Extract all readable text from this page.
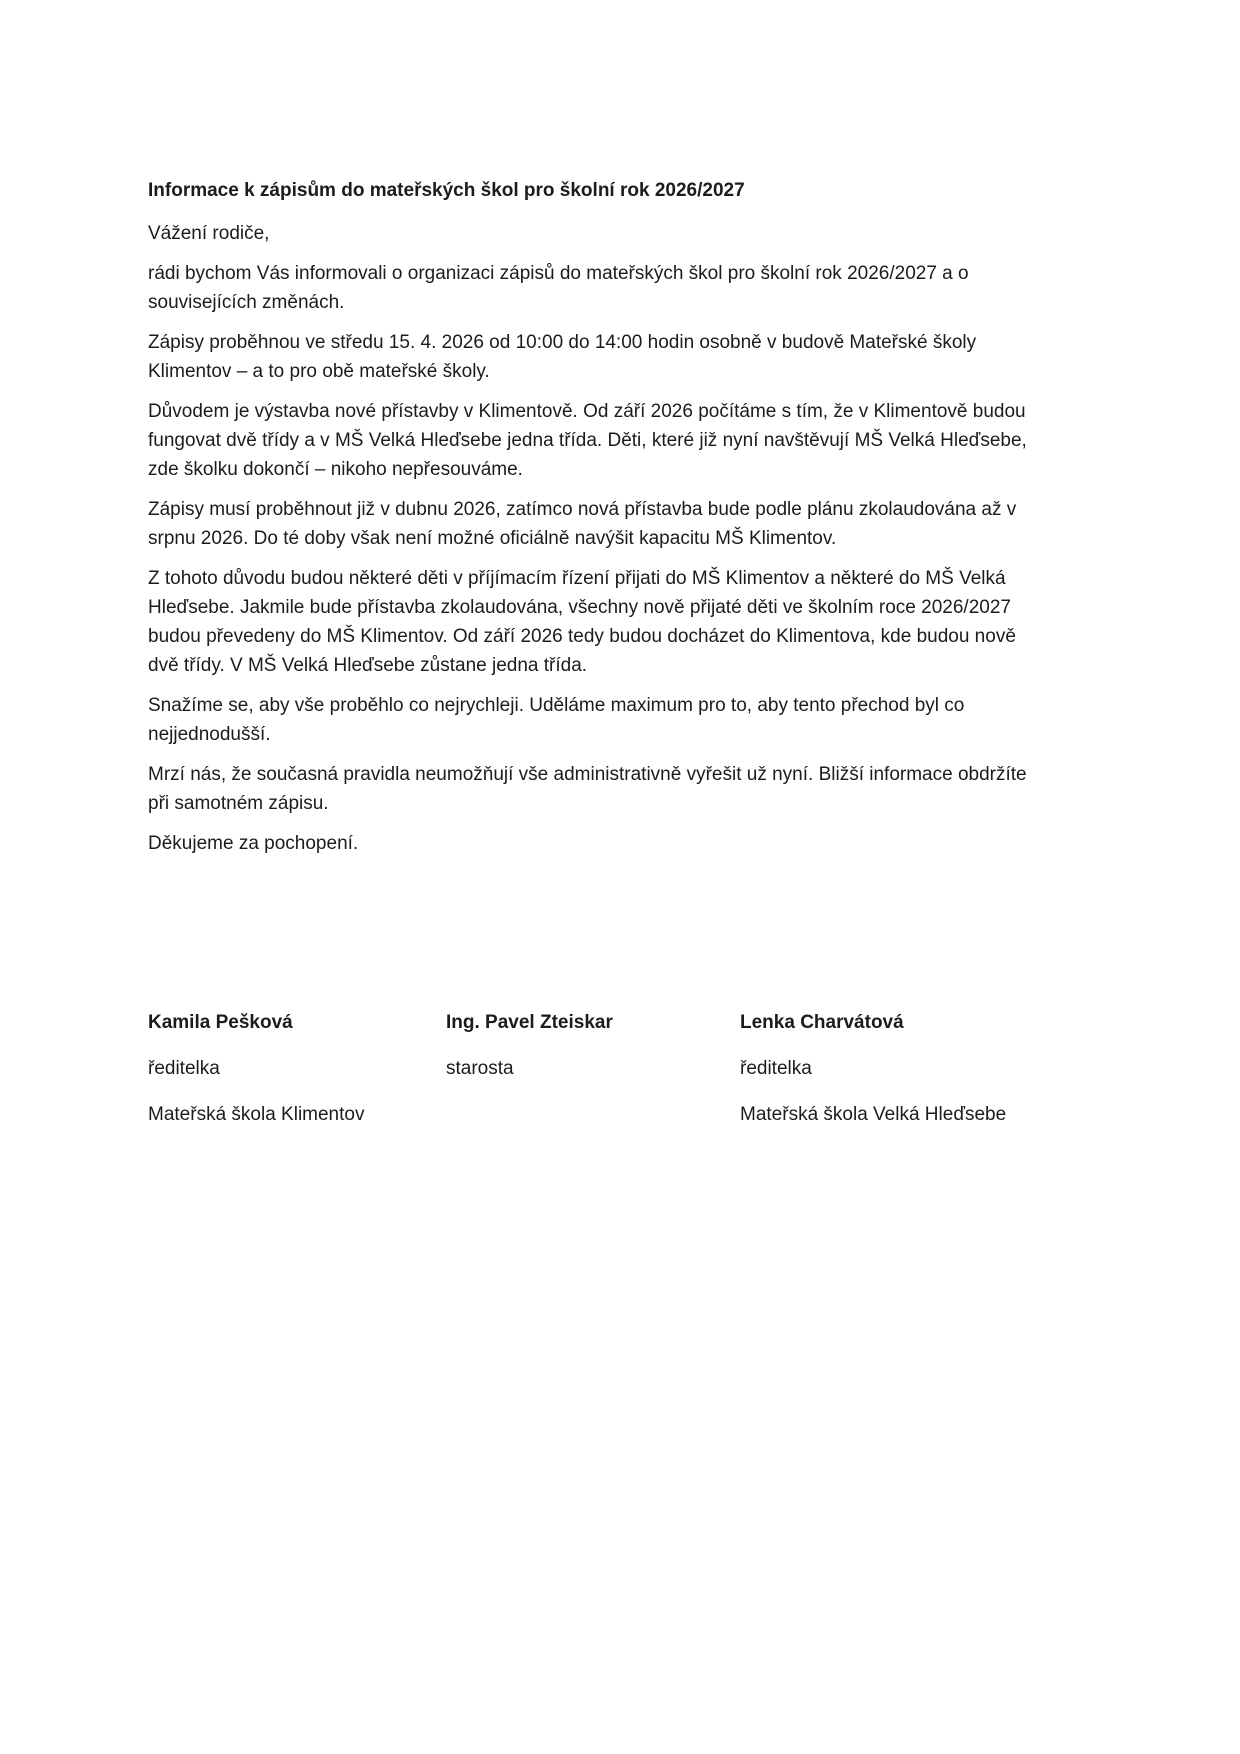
Informace k zápisům do mateřských škol pro školní rok 2026/2027

Vážení rodiče,

rádi bychom Vás informovali o organizaci zápisů do mateřských škol pro školní rok 2026/2027 a o souvisejících změnách.

Zápisy proběhnou ve středu 15. 4. 2026 od 10:00 do 14:00 hodin osobně v budově Mateřské školy Klimentov – a to pro obě mateřské školy.

Důvodem je výstavba nové přístavby v Klimentově. Od září 2026 počítáme s tím, že v Klimentově budou fungovat dvě třídy a v MŠ Velká Hleďsebe jedna třída. Děti, které již nyní navštěvují MŠ Velká Hleďsebe, zde školku dokončí – nikoho nepřesouváme.

Zápisy musí proběhnout již v dubnu 2026, zatímco nová přístavba bude podle plánu zkolaudována až v srpnu 2026. Do té doby však není možné oficiálně navýšit kapacitu MŠ Klimentov.

Z tohoto důvodu budou některé děti v příjímacím řízení přijati do MŠ Klimentov a některé do MŠ Velká Hleďsebe. Jakmile bude přístavba zkolaudována, všechny nově přijaté děti ve školním roce 2026/2027 budou převedeny do MŠ Klimentov. Od září 2026 tedy budou docházet do Klimentova, kde budou nově dvě třídy. V MŠ Velká Hleďsebe zůstane jedna třída.

Snažíme se, aby vše proběhlo co nejrychleji. Uděláme maximum pro to, aby tento přechod byl co nejjednodušší.

Mrzí nás, že současná pravidla neumožňují vše administrativně vyřešit už nyní. Bližší informace obdržíte při samotném zápisu.

Děkujeme za pochopení.

Kamila Pešková
ředitelka
Mateřská škola Klimentov
Ing. Pavel Zteiskar
starosta
Lenka Charvátová
ředitelka
Mateřská škola Velká Hleďsebe
